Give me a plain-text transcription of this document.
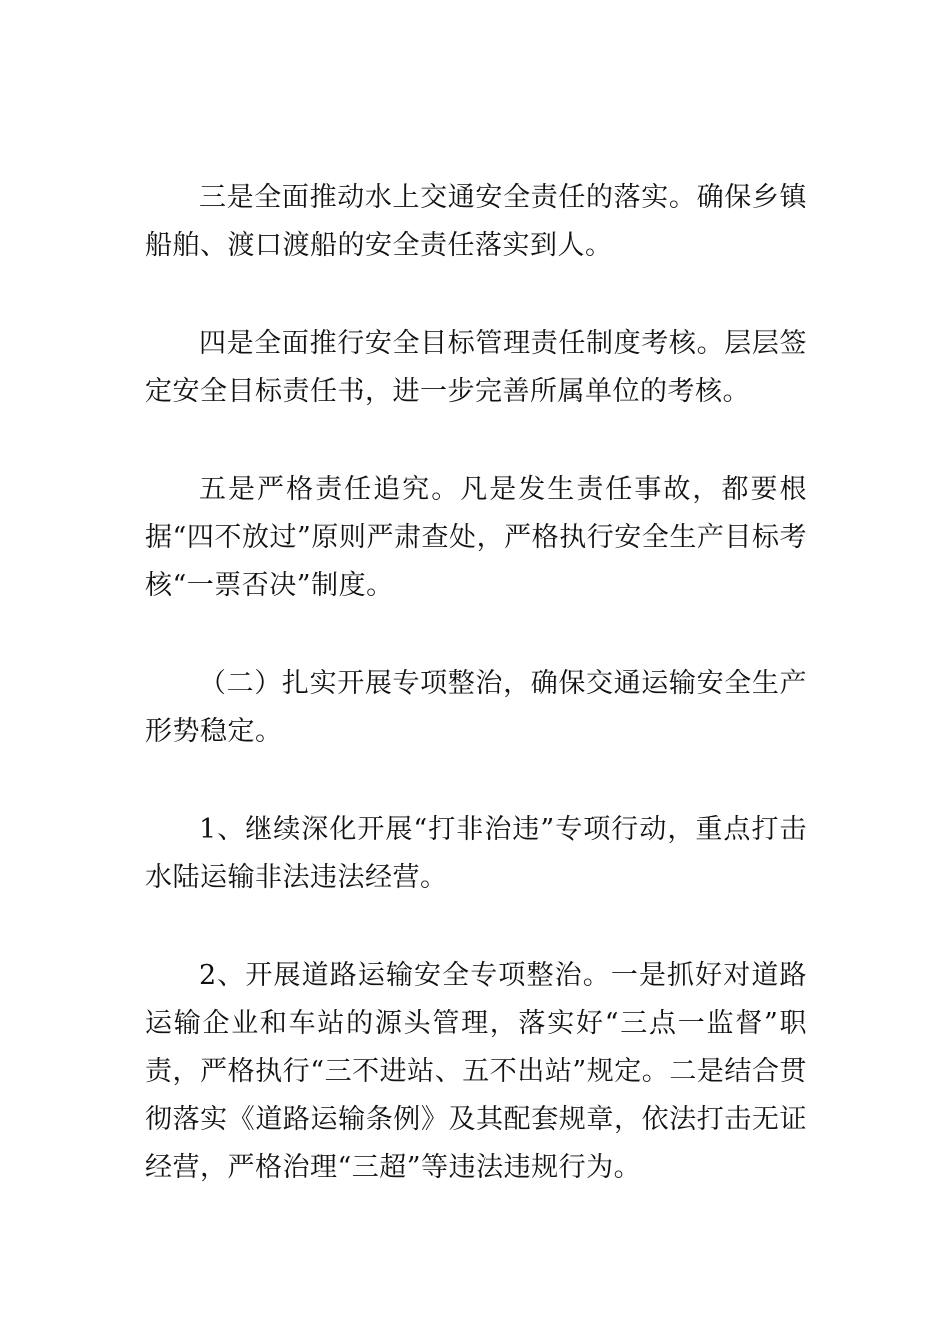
三是全面推动水上交通安全责任的落实。确保乡镇船舶、渡口渡船的安全责任落实到人。

四是全面推行安全目标管理责任制度考核。层层签定安全目标责任书，进一步完善所属单位的考核。

五是严格责任追究。凡是发生责任事故，都要根据“四不放过”原则严肃查处，严格执行安全生产目标考核“一票否决”制度。

（二）扎实开展专项整治，确保交通运输安全生产形势稳定。

1、继续深化开展“打非治违”专项行动，重点打击水陆运输非法违法经营。

2、开展道路运输安全专项整治。一是抓好对道路运输企业和车站的源头管理，落实好“三点一监督”职责，严格执行“三不进站、五不出站”规定。二是结合贯彻落实《道路运输条例》及其配套规章，依法打击无证经营，严格治理“三超”等违法违规行为。
